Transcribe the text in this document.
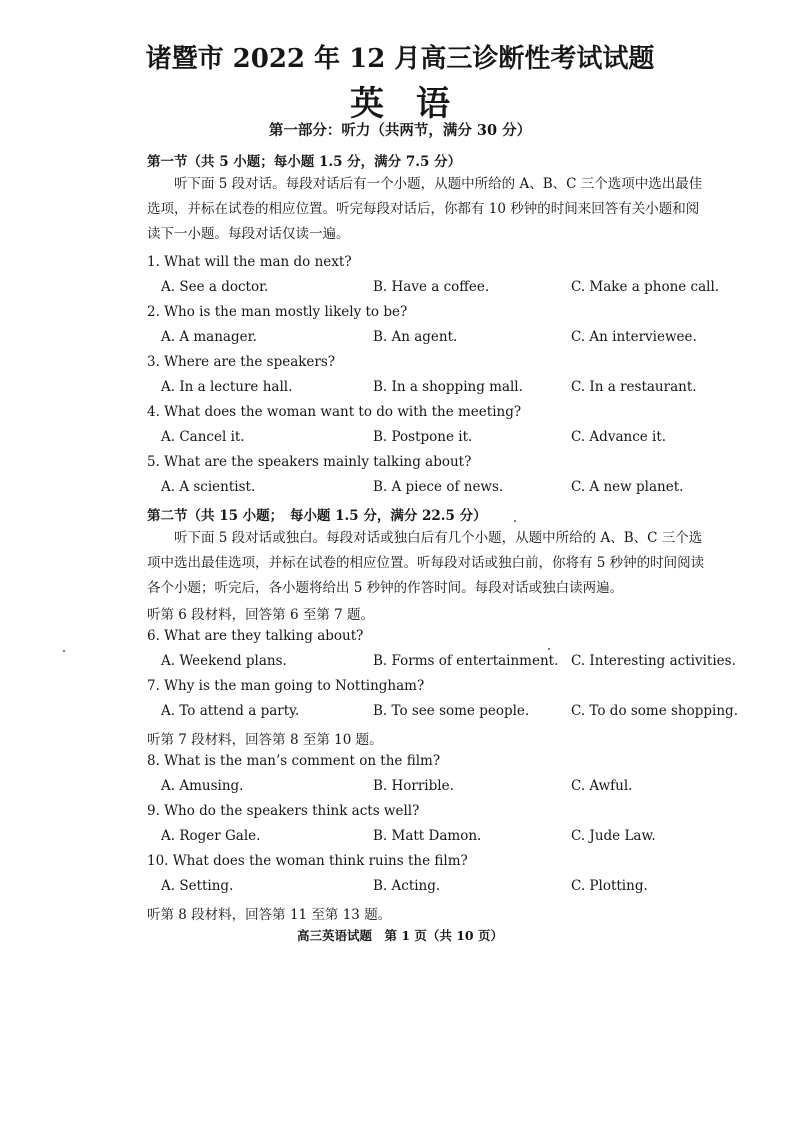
诸暨市 2022 年 12 月高三诊断性考试试题
英语
第一部分：听力（共两节，满分 30 分）
第一节（共 5 小题；每小题 1.5 分，满分 7.5 分）
听下面 5 段对话。每段对话后有一个小题，从题中所给的 A、B、C 三个选项中选出最佳选项，并标在试卷的相应位置。听完每段对话后，你都有 10 秒钟的时间来回答有关小题和阅读下一小题。每段对话仅读一遍。
1. What will the man do next?
A. See a doctor.	B. Have a coffee.	C. Make a phone call.
2. Who is the man mostly likely to be?
A. A manager.	B. An agent.	C. An interviewee.
3. Where are the speakers?
A. In a lecture hall.	B. In a shopping mall.	C. In a restaurant.
4. What does the woman want to do with the meeting?
A. Cancel it.	B. Postpone it.	C. Advance it.
5. What are the speakers mainly talking about?
A. A scientist.	B. A piece of news.	C. A new planet.
第二节（共 15 小题；　每小题 1.5 分，满分 22.5 分）
听下面 5 段对话或独白。每段对话或独白后有几个小题，从题中所给的 A、B、C 三个选项中选出最佳选项，并标在试卷的相应位置。听每段对话或独白前，你将有 5 秒钟的时间阅读各个小题；听完后，各小题将给出 5 秒钟的作答时间。每段对话或独白读两遍。
听第 6 段材料，回答第 6 至第 7 题。
6. What are they talking about?
A. Weekend plans.	B. Forms of entertainment. C. Interesting activities.
7. Why is the man going to Nottingham?
A. To attend a party.	B. To see some people.	C. To do some shopping.
听第 7 段材料，回答第 8 至第 10 题。
8. What is the man’s comment on the film?
A. Amusing.	B. Horrible.	C. Awful.
9. Who do the speakers think acts well?
A. Roger Gale.	B. Matt Damon.	C. Jude Law.
10. What does the woman think ruins the film?
A. Setting.	B. Acting.	C. Plotting.
听第 8 段材料，回答第 11 至第 13 题。
高三英语试题　第 1 页（共 10 页）
